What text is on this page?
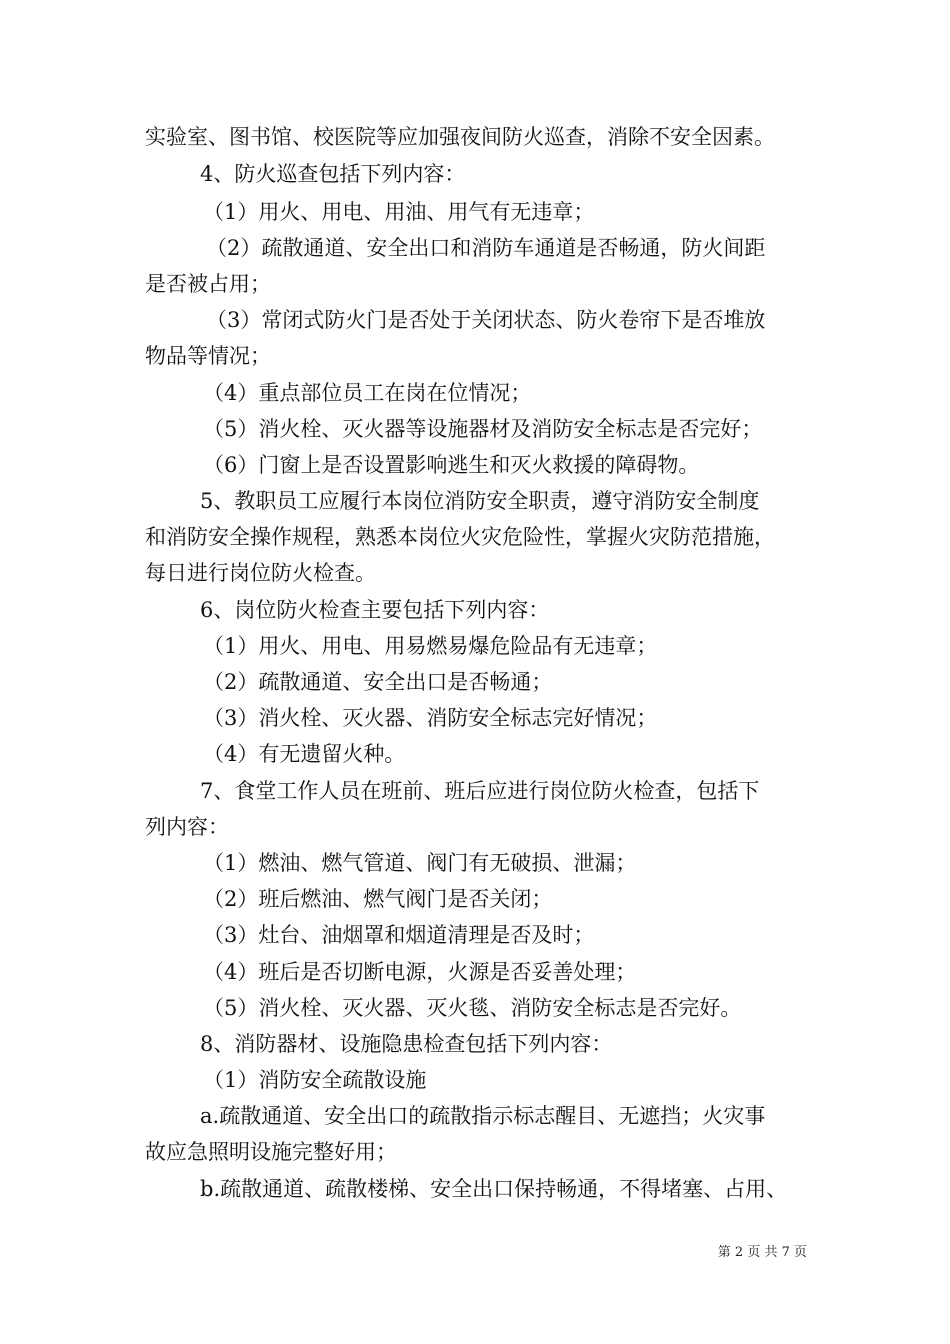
实验室、图书馆、校医院等应加强夜间防火巡查，消除不安全因素。
4、防火巡查包括下列内容：
（1）用火、用电、用油、用气有无违章；
（2）疏散通道、安全出口和消防车通道是否畅通，防火间距
是否被占用；
（3）常闭式防火门是否处于关闭状态、防火卷帘下是否堆放
物品等情况；
（4）重点部位员工在岗在位情况；
（5）消火栓、灭火器等设施器材及消防安全标志是否完好；
（6）门窗上是否设置影响逃生和灭火救援的障碍物。
5、教职员工应履行本岗位消防安全职责，遵守消防安全制度
和消防安全操作规程，熟悉本岗位火灾危险性，掌握火灾防范措施，
每日进行岗位防火检查。
6、岗位防火检查主要包括下列内容：
（1）用火、用电、用易燃易爆危险品有无违章；
（2）疏散通道、安全出口是否畅通；
（3）消火栓、灭火器、消防安全标志完好情况；
（4）有无遗留火种。
7、食堂工作人员在班前、班后应进行岗位防火检查，包括下
列内容：
（1）燃油、燃气管道、阀门有无破损、泄漏；
（2）班后燃油、燃气阀门是否关闭；
（3）灶台、油烟罩和烟道清理是否及时；
（4）班后是否切断电源，火源是否妥善处理；
（5）消火栓、灭火器、灭火毯、消防安全标志是否完好。
8、消防器材、设施隐患检查包括下列内容：
（1）消防安全疏散设施
a.疏散通道、安全出口的疏散指示标志醒目、无遮挡；火灾事
故应急照明设施完整好用；
b.疏散通道、疏散楼梯、安全出口保持畅通，不得堵塞、占用、
第 2 页 共 7 页
